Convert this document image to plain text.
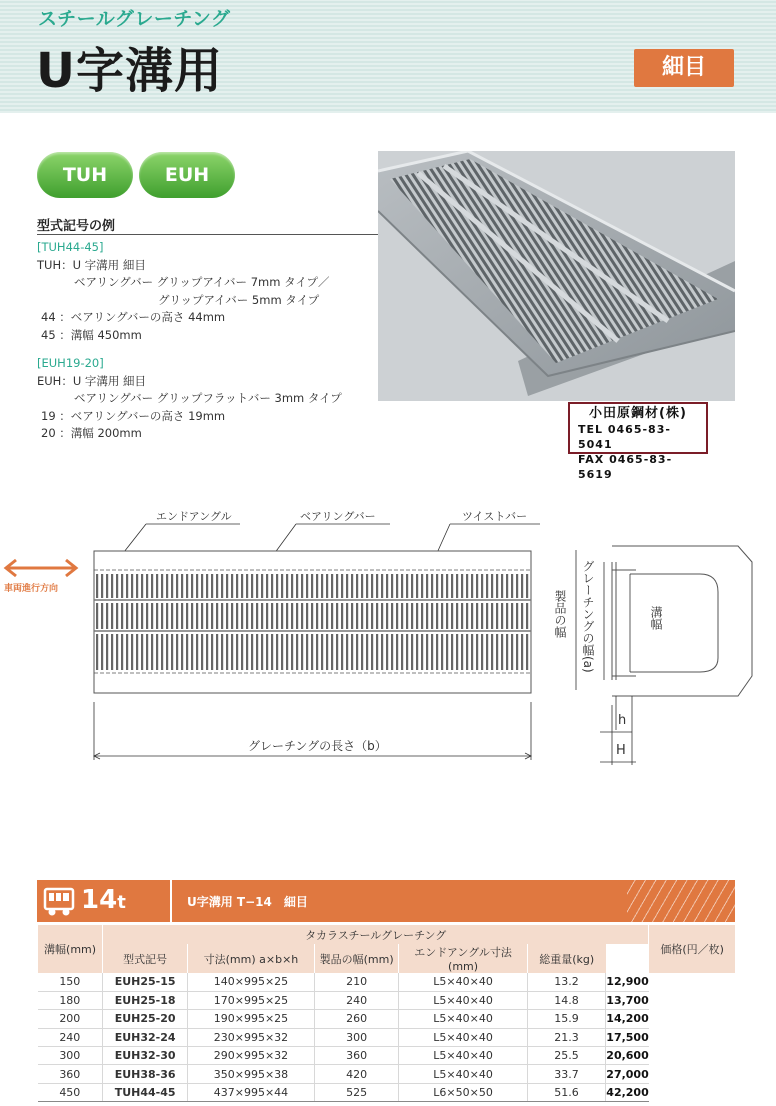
スチールグレーチング
U字溝用	細目
TUH	EUH
型式記号の例
[TUH44-45]
TUH：U 字溝用 細目
ベアリングバー グリップアイバー 7mm タイプ／
グリップアイバー 5mm タイプ
44 ：ベアリングバーの高さ 44mm
45 ：溝幅 450mm
[EUH19-20]
EUH：U 字溝用 細目
ベアリングバー グリップフラットバー 3mm タイプ
19 ：ベアリングバーの高さ 19mm
20 ：溝幅 200mm
小田原鋼材(株)
TEL 0465-83-5041
FAX 0465-83-5619
エンドアングル	ベアリングバー	ツイストバー
車両進行方向
グレーチングの長さ（b）
製品の幅 グレーチングの幅(a)	溝幅
h
H
14t	U字溝用 T−14　細目
溝幅(mm)	タカラスチールグレーチング						価格(円／枚)
	型式記号	寸法(mm) a×b×h	製品の幅(mm)	エンドアングル寸法(mm)	総重量(kg)		
150	EUH25-15	140×995×25	210	L5×40×40	13.2	12,900	
180	EUH25-18	170×995×25	240	L5×40×40	14.8	13,700	
200	EUH25-20	190×995×25	260	L5×40×40	15.9	14,200	
240	EUH32-24	230×995×32	300	L5×40×40	21.3	17,500	
300	EUH32-30	290×995×32	360	L5×40×40	25.5	20,600	
360	EUH38-36	350×995×38	420	L5×40×40	33.7	27,000	
450	TUH44-45	437×995×44	525	L6×50×50	51.6	42,200	
